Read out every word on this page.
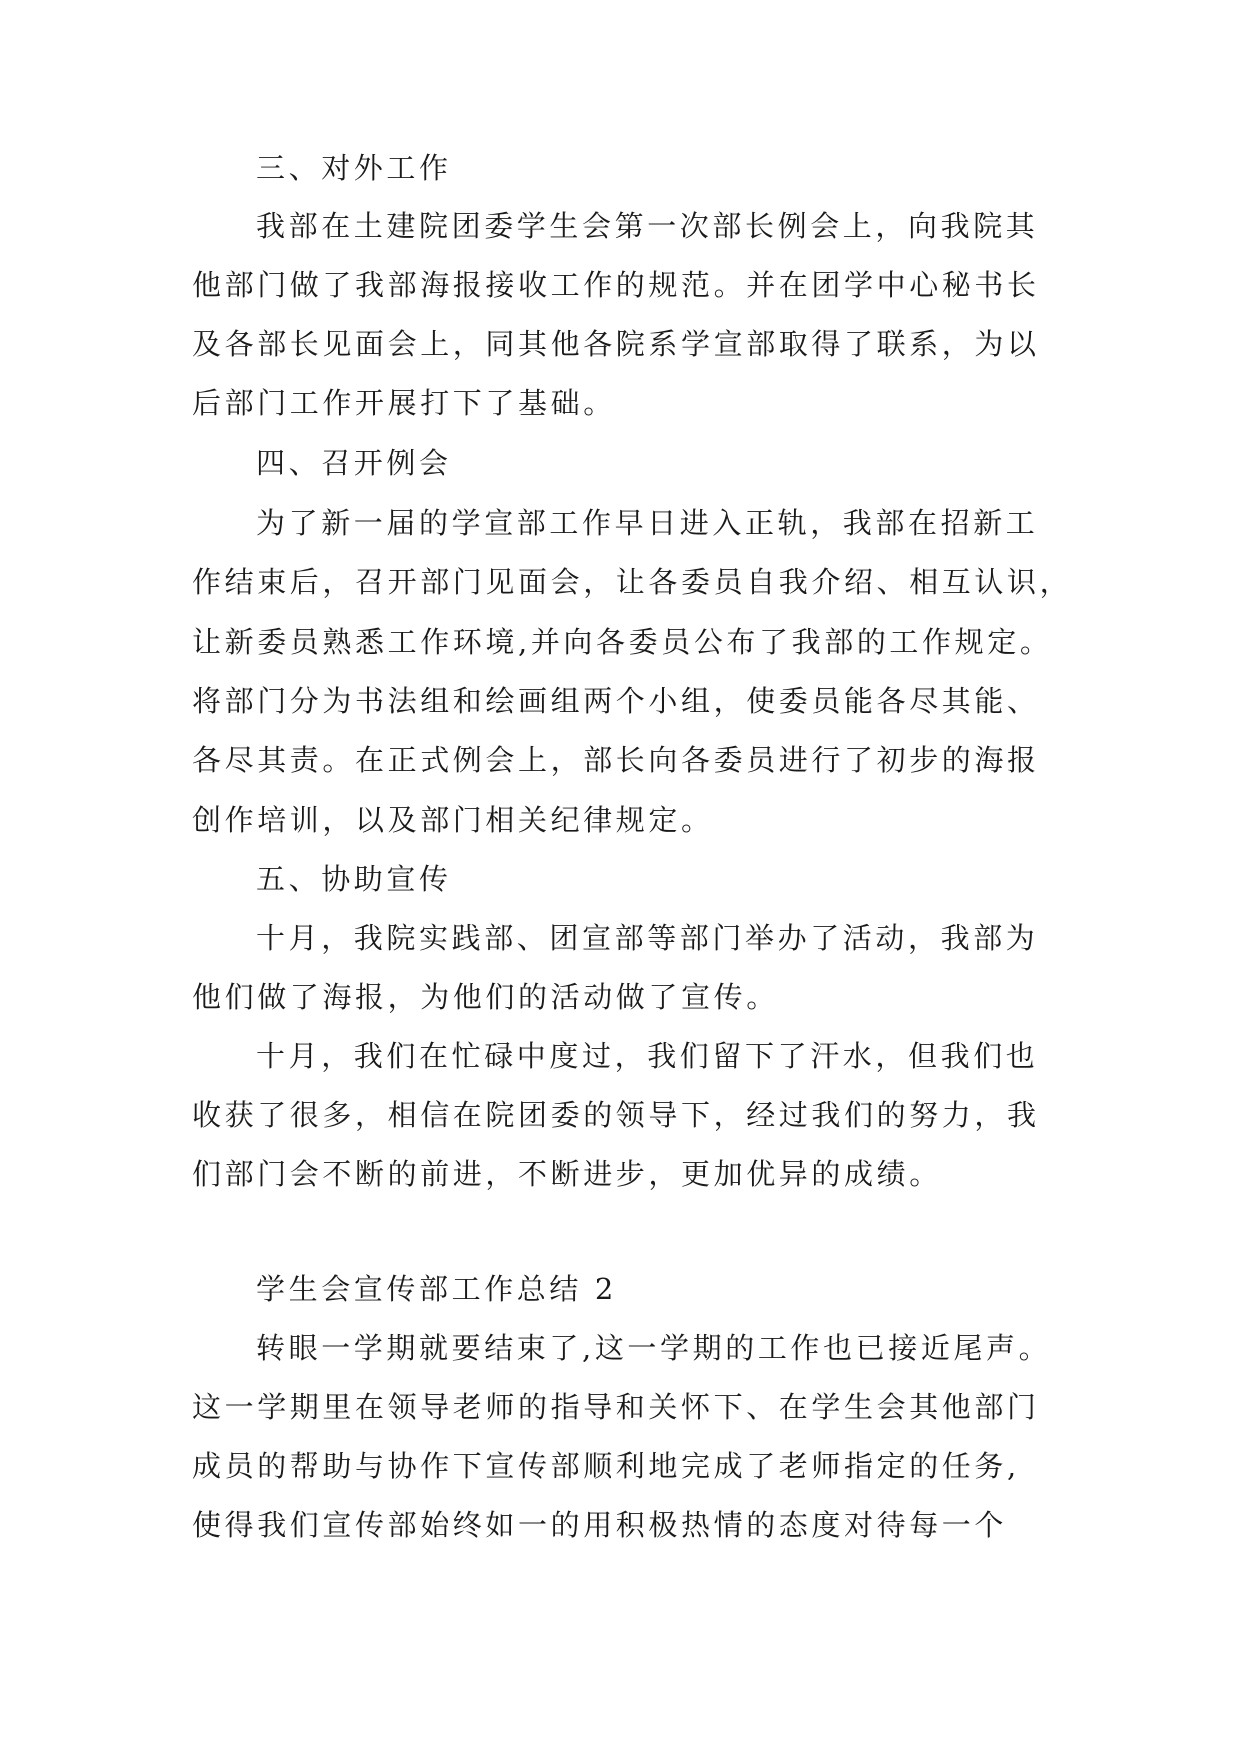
三、对外工作
我部在土建院团委学生会第一次部长例会上，向我院其
他部门做了我部海报接收工作的规范。并在团学中心秘书长
及各部长见面会上，同其他各院系学宣部取得了联系，为以
后部门工作开展打下了基础。
四、召开例会
为了新一届的学宣部工作早日进入正轨，我部在招新工
作结束后，召开部门见面会，让各委员自我介绍、相互认识，
让新委员熟悉工作环境,并向各委员公布了我部的工作规定。
将部门分为书法组和绘画组两个小组，使委员能各尽其能、
各尽其责。在正式例会上，部长向各委员进行了初步的海报
创作培训，以及部门相关纪律规定。
五、协助宣传
十月，我院实践部、团宣部等部门举办了活动，我部为
他们做了海报，为他们的活动做了宣传。
十月，我们在忙碌中度过，我们留下了汗水，但我们也
收获了很多，相信在院团委的领导下，经过我们的努力，我
们部门会不断的前进，不断进步，更加优异的成绩。
学生会宣传部工作总结 2
转眼一学期就要结束了,这一学期的工作也已接近尾声。
这一学期里在领导老师的指导和关怀下、在学生会其他部门
成员的帮助与协作下宣传部顺利地完成了老师指定的任务,
使得我们宣传部始终如一的用积极热情的态度对待每一个
